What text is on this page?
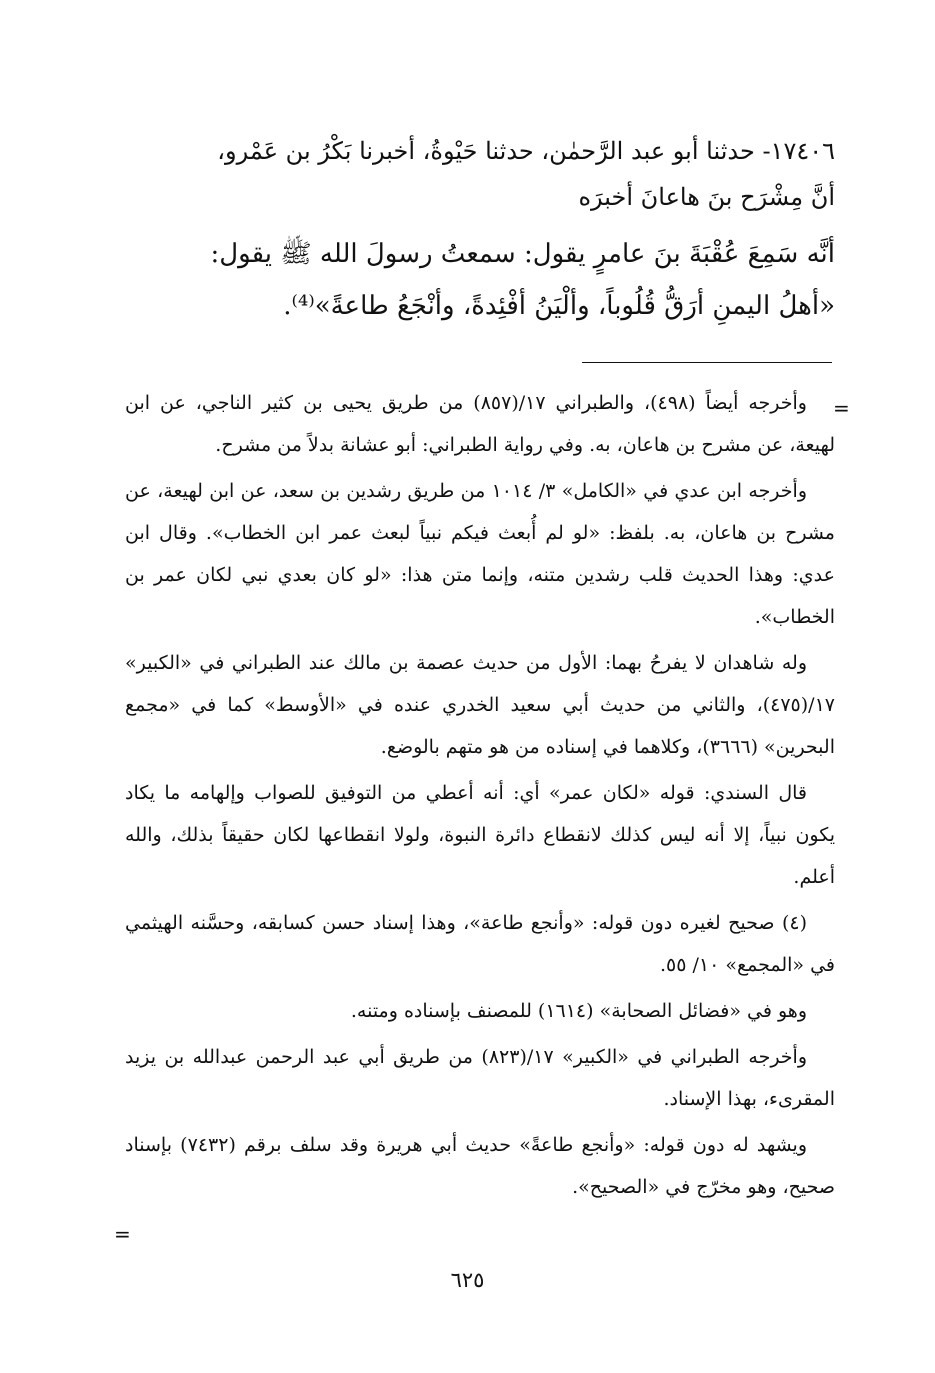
١٧٤٠٦- حدثنا أبو عبد الرَّحمٰن، حدثنا حَيْوةُ، أخبرنا بَكْرُ بن عَمْرو،

أنَّ مِشْرَح بنَ هاعانَ أخبرَه

أنَّه سَمِعَ عُقْبَةَ بنَ عامرٍ يقول: سمعتُ رسولَ الله ﷺ يقول:

«أهلُ اليمنِ أرَقُّ قُلُوباً، وألْيَنُ أفْئِدةً، وأنْجَعُ طاعةً»⁽⁴⁾.

=

وأخرجه أيضاً (٤٩٨)، والطبراني ١٧/(٨٥٧) من طريق يحيى بن كثير الناجي، عن ابن لهيعة، عن مشرح بن هاعان، به. وفي رواية الطبراني: أبو عشانة بدلاً من مشرح.

وأخرجه ابن عدي في «الكامل» ٣/ ١٠١٤ من طريق رشدين بن سعد، عن ابن لهيعة، عن مشرح بن هاعان، به. بلفظ: «لو لم أُبعث فيكم نبياً لبعث عمر ابن الخطاب». وقال ابن عدي: وهذا الحديث قلب رشدين متنه، وإنما متن هذا: «لو كان بعدي نبي لكان عمر بن الخطاب».

وله شاهدان لا يفرحُ بهما: الأول من حديث عصمة بن مالك عند الطبراني في «الكبير» ١٧/(٤٧٥)، والثاني من حديث أبي سعيد الخدري عنده في «الأوسط» كما في «مجمع البحرين» (٣٦٦٦)، وكلاهما في إسناده من هو متهم بالوضع.

قال السندي: قوله «لكان عمر» أي: أنه أعطي من التوفيق للصواب وإلهامه ما يكاد يكون نبياً، إلا أنه ليس كذلك لانقطاع دائرة النبوة، ولولا انقطاعها لكان حقيقاً بذلك، والله أعلم.

(٤) صحيح لغيره دون قوله: «وأنجع طاعة»، وهذا إسناد حسن كسابقه، وحسَّنه الهيثمي في «المجمع» ١٠/ ٥٥.

وهو في «فضائل الصحابة» (١٦١٤) للمصنف بإسناده ومتنه.

وأخرجه الطبراني في «الكبير» ١٧/(٨٢٣) من طريق أبي عبد الرحمن عبدالله بن يزيد المقرىء، بهذا الإسناد.

ويشهد له دون قوله: «وأنجع طاعةً» حديث أبي هريرة وقد سلف برقم (٧٤٣٢) بإسناد صحيح، وهو مخرّج في «الصحيح».

=
٦٢٥
